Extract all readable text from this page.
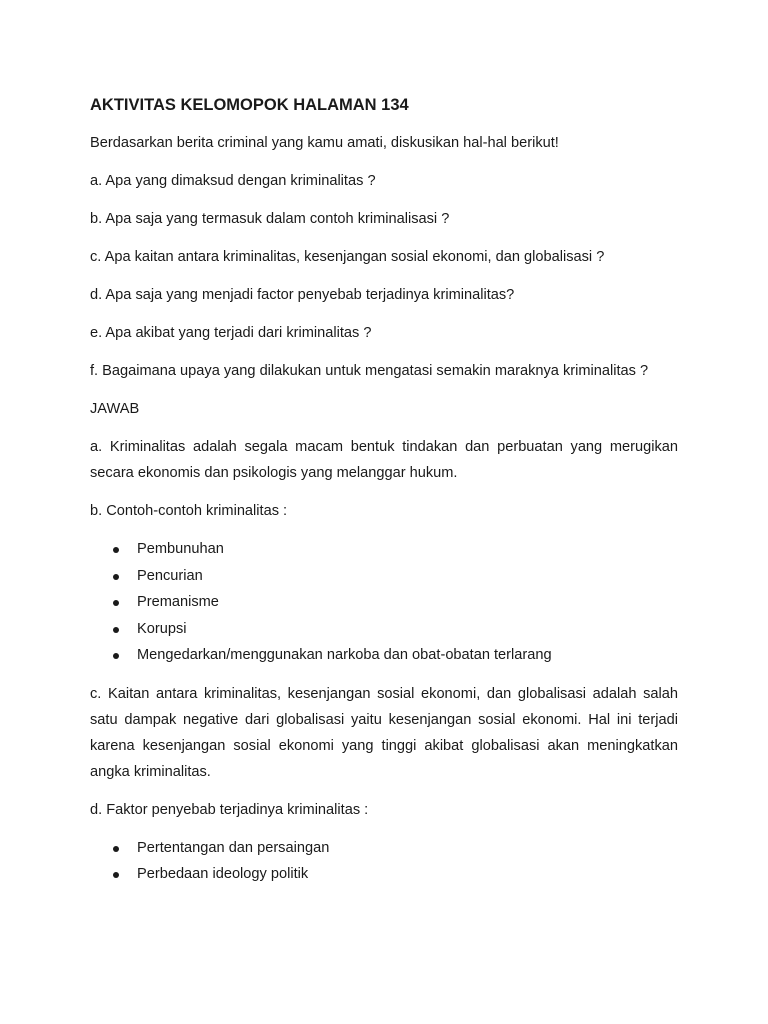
AKTIVITAS KELOMOPOK HALAMAN 134
Berdasarkan berita criminal yang kamu amati, diskusikan hal-hal berikut!
a. Apa yang dimaksud dengan kriminalitas ?
b. Apa saja yang termasuk dalam contoh kriminalisasi ?
c. Apa kaitan antara kriminalitas, kesenjangan sosial ekonomi, dan globalisasi ?
d. Apa saja yang menjadi factor penyebab terjadinya kriminalitas?
e. Apa akibat yang terjadi dari kriminalitas ?
f. Bagaimana upaya yang dilakukan untuk mengatasi semakin maraknya kriminalitas ?
JAWAB
a. Kriminalitas adalah segala macam bentuk tindakan dan perbuatan yang merugikan secara ekonomis dan psikologis yang melanggar hukum.
b. Contoh-contoh kriminalitas :
Pembunuhan
Pencurian
Premanisme
Korupsi
Mengedarkan/menggunakan narkoba dan obat-obatan terlarang
c. Kaitan antara kriminalitas, kesenjangan sosial ekonomi, dan globalisasi adalah salah satu dampak negative dari globalisasi yaitu kesenjangan sosial ekonomi. Hal ini terjadi karena kesenjangan sosial ekonomi yang tinggi akibat globalisasi akan meningkatkan angka kriminalitas.
d. Faktor penyebab terjadinya kriminalitas :
Pertentangan dan persaingan
Perbedaan ideology politik
